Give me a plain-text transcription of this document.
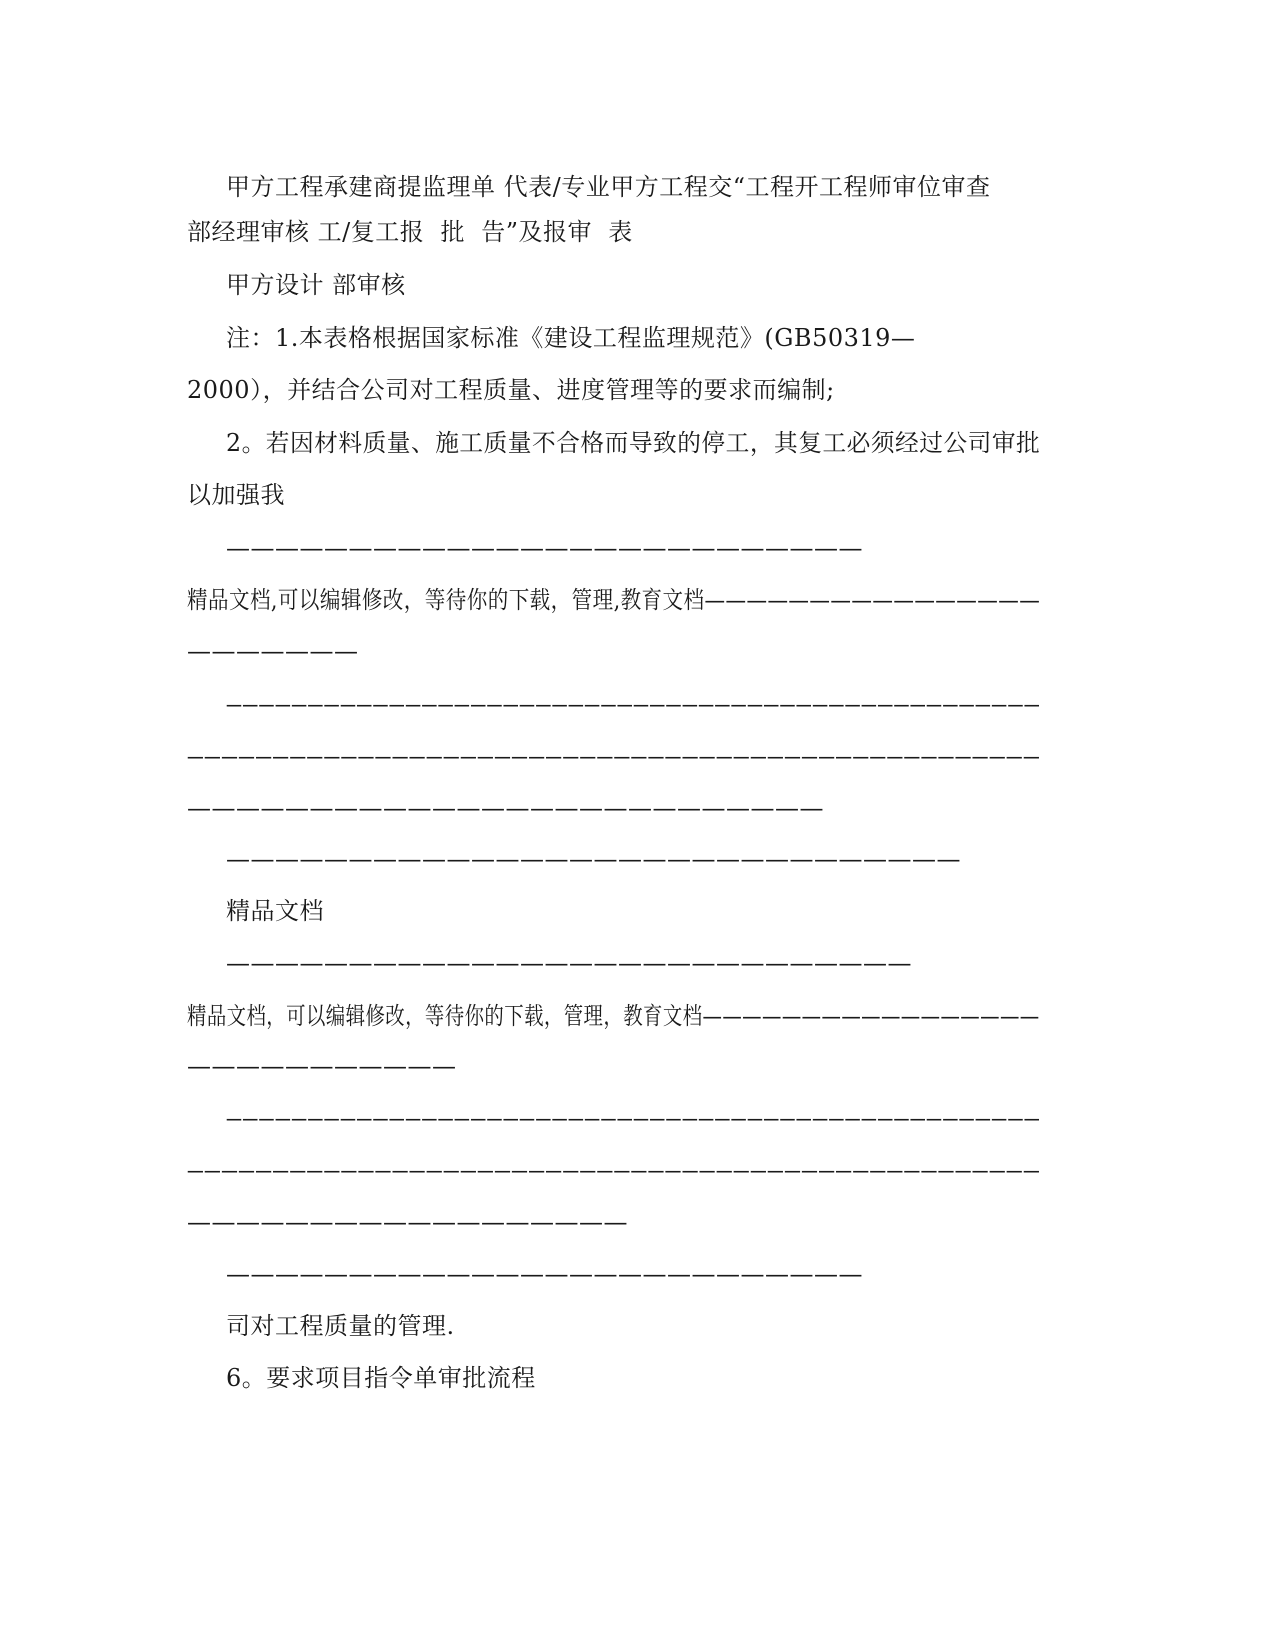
甲方工程承建商提监理单 代表/专业甲方工程交“工程开工程师审位审查
部经理审核 工/复工报  批  告”及报审  表
甲方设计 部审核
注：1.本表格根据国家标准《建设工程监理规范》(GB50319—
2000），并结合公司对工程质量、进度管理等的要求而编制;
2。若因材料质量、施工质量不合格而导致的停工，其复工必须经过公司审批
以加强我
——————————————————————————
精品文档,可以编辑修改，等待你的下载，管理,教育文档————————————————
———————
——————————————————————————————————————————————————
——————————————————————————————————————————————————
——————————————————————————
——————————————————————————————
精品文档
————————————————————————————
精品文档，可以编辑修改，等待你的下载，管理，教育文档—————————————————
———————————
——————————————————————————————————————————————————
——————————————————————————————————————————————————
——————————————————
——————————————————————————
司对工程质量的管理.
6。要求项目指令单审批流程
